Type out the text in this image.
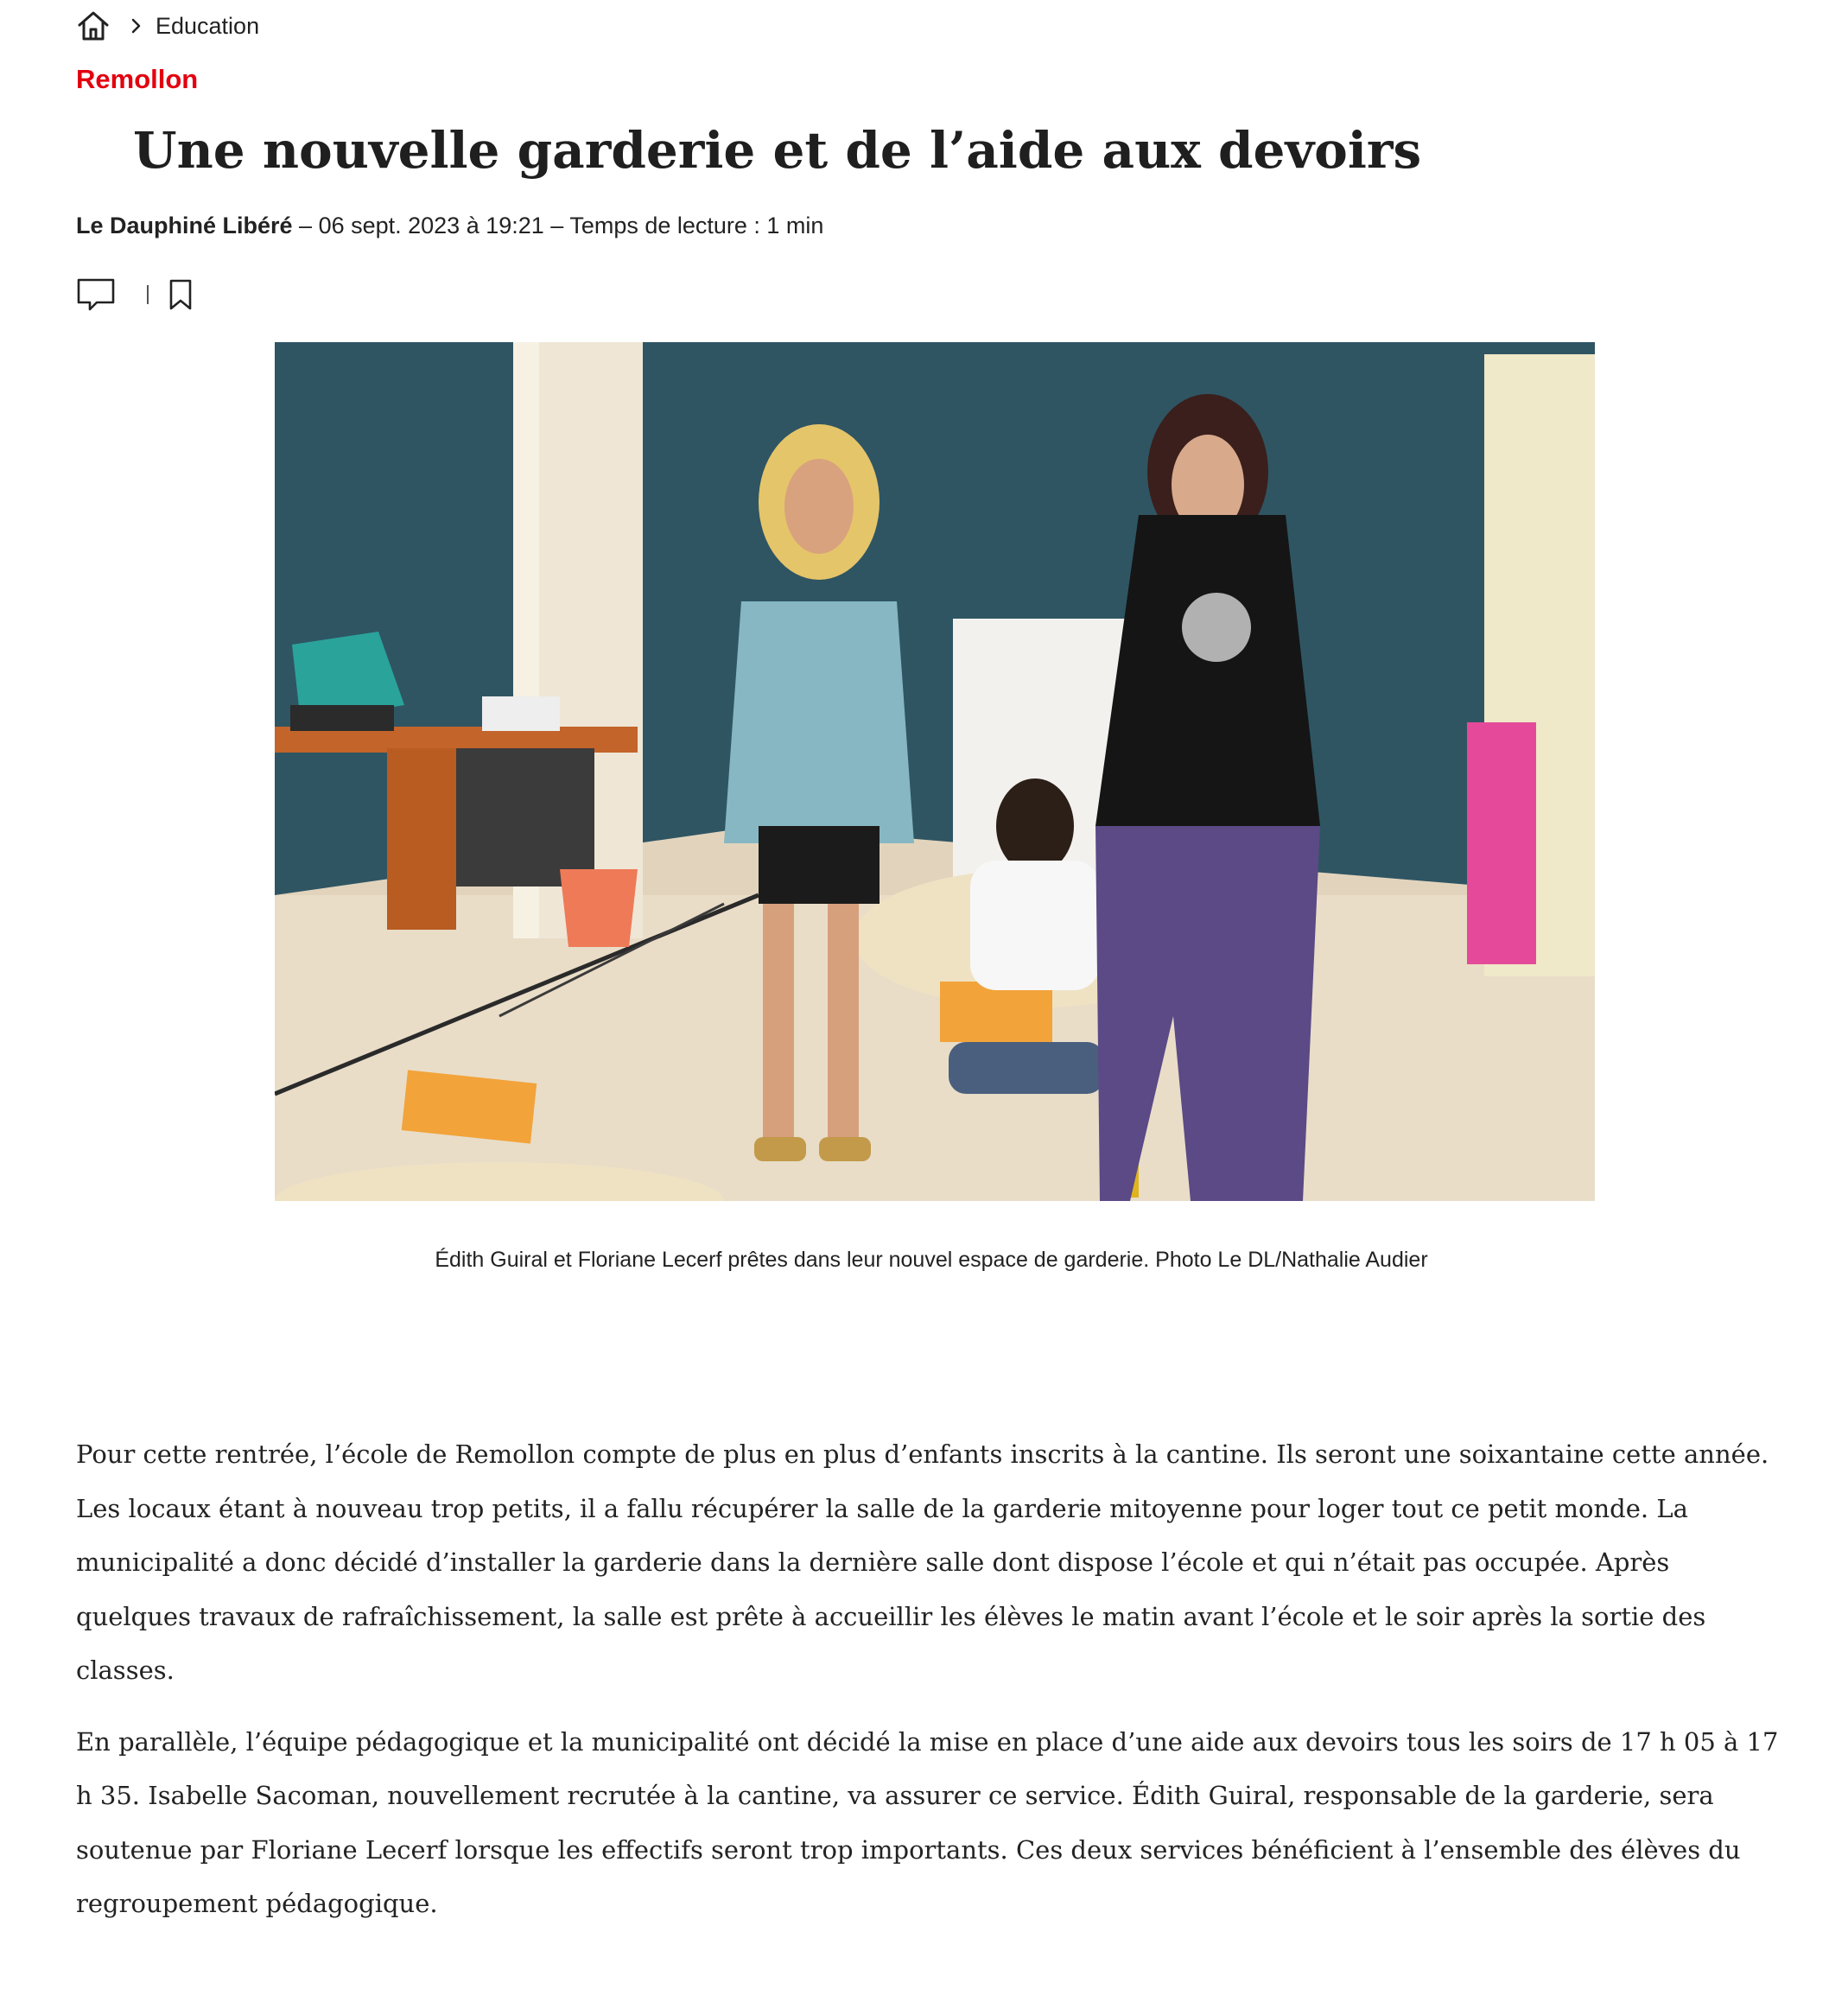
Education
Remollon
Une nouvelle garderie et de l’aide aux devoirs
Le Dauphiné Libéré – 06 sept. 2023 à 19:21 – Temps de lecture : 1 min
Édith Guiral et Floriane Lecerf prêtes dans leur nouvel espace de garderie. Photo Le DL/Nathalie Audier

Pour cette rentrée, l’école de Remollon compte de plus en plus d’enfants inscrits à la cantine. Ils seront une soixantaine cette année. Les locaux étant à nouveau trop petits, il a fallu récupérer la salle de la garderie mitoyenne pour loger tout ce petit monde. La municipalité a donc décidé d’installer la garderie dans la dernière salle dont dispose l’école et qui n’était pas occupée. Après quelques travaux de rafraîchissement, la salle est prête à accueillir les élèves le matin avant l’école et le soir après la sortie des classes.

En parallèle, l’équipe pédagogique et la municipalité ont décidé la mise en place d’une aide aux devoirs tous les soirs de 17 h 05 à 17 h 35. Isabelle Sacoman, nouvellement recrutée à la cantine, va assurer ce service. Édith Guiral, responsable de la garderie, sera soutenue par Floriane Lecerf lorsque les effectifs seront trop importants. Ces deux services bénéficient à l’ensemble des élèves du regroupement pédagogique.
